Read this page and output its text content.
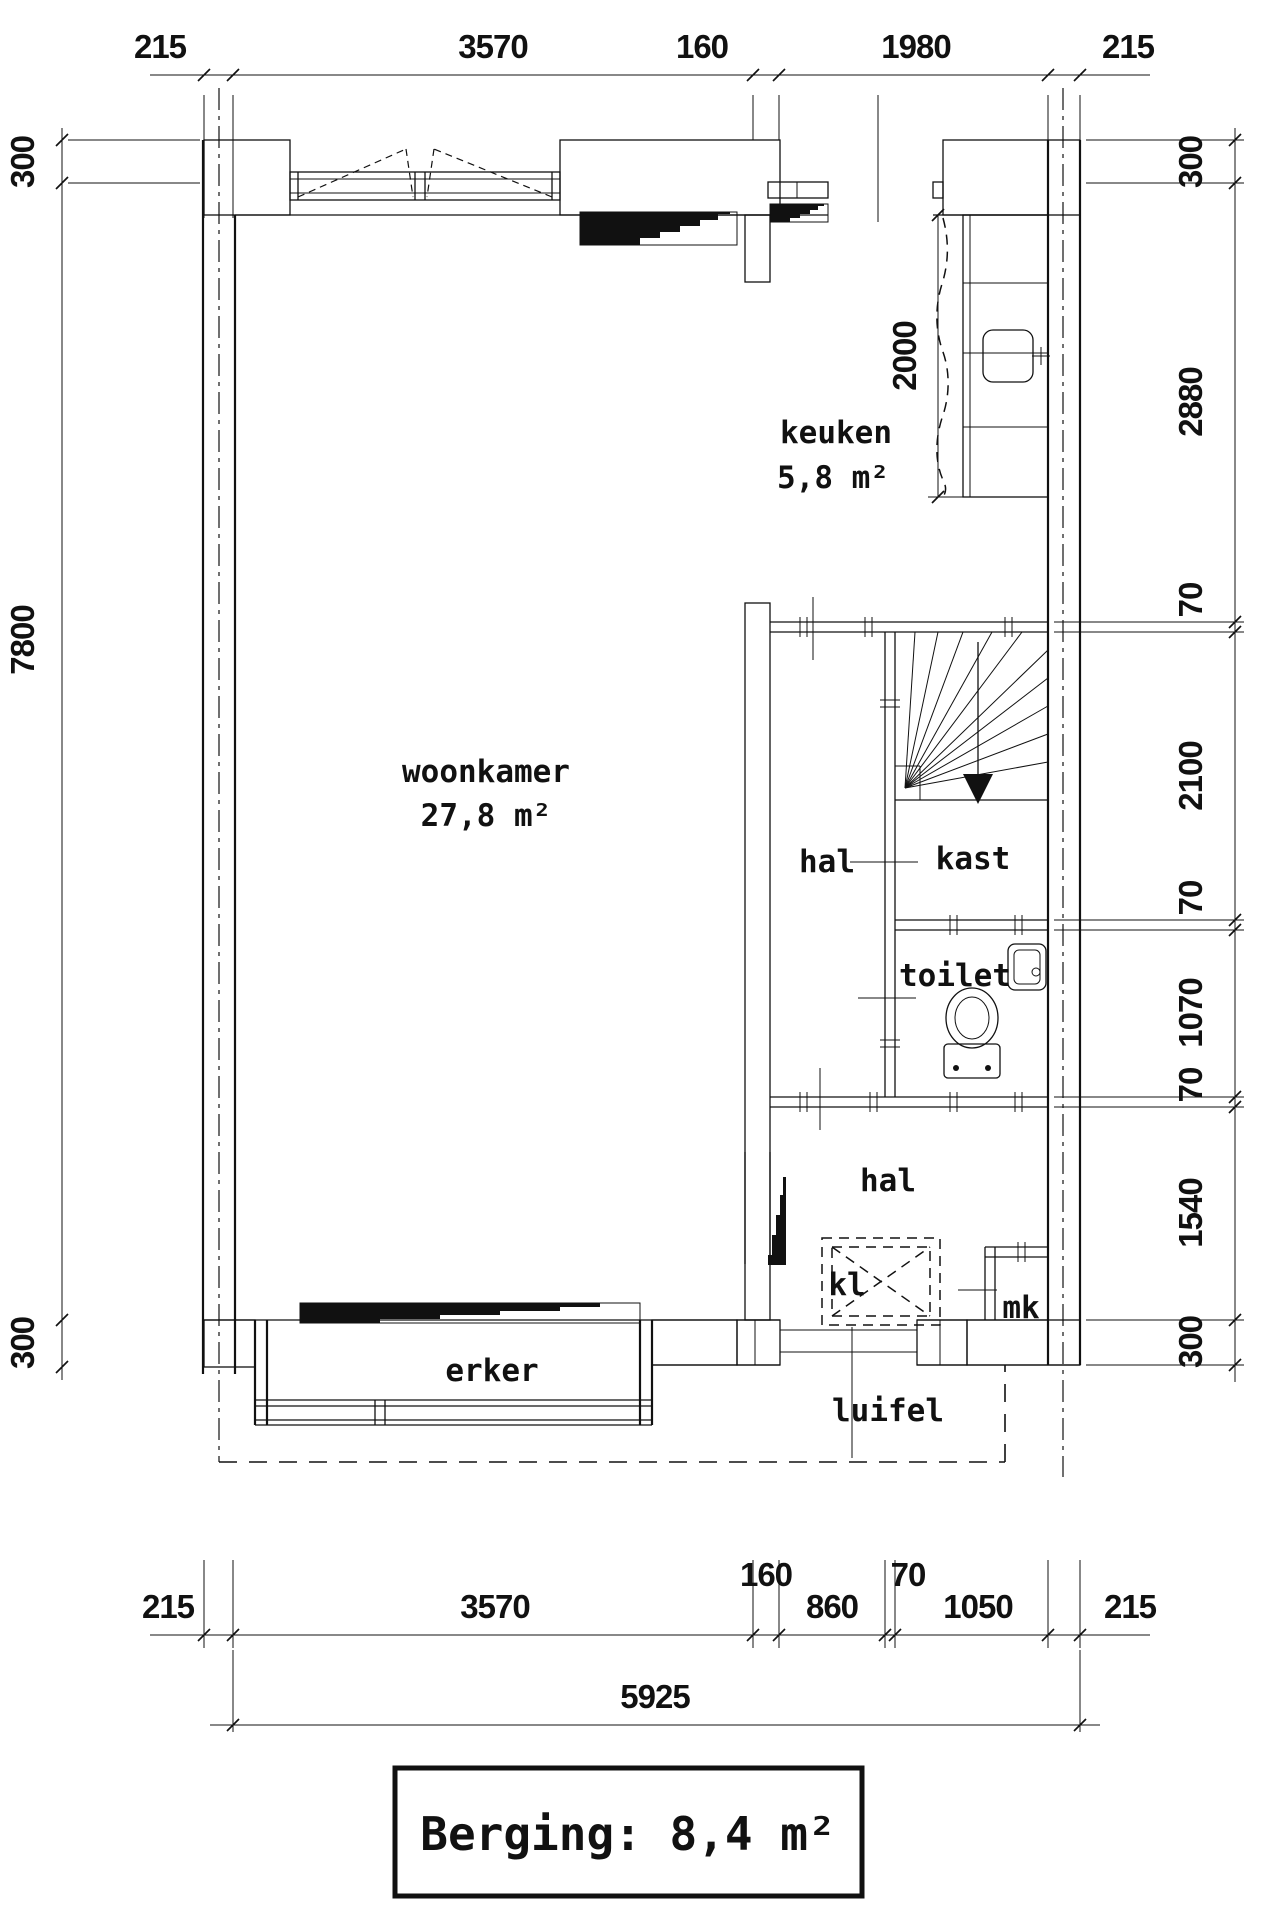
215	3570	160	1980	215
300
7800
300
300
2880
70
2100
70
1070
70
1540
300
2000
keuken
5,8 m²
toilet
hal	kast
hal
kl
mk
erker
luifel
woonkamer
27,8 m²
160	70
215	3570	860	1050	215
5925
Berging: 8,4 m²
